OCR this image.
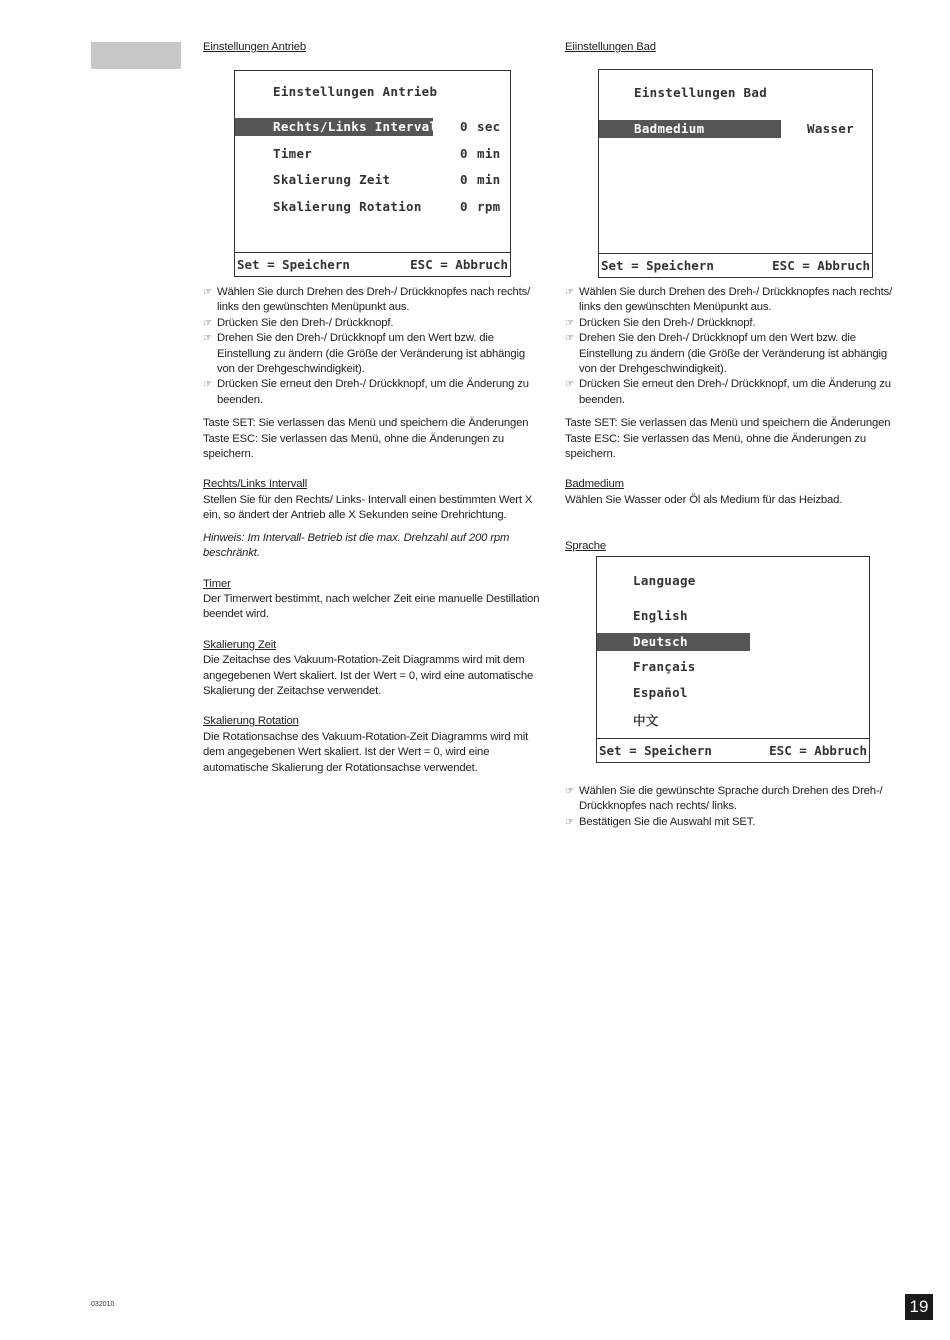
Einstellungen Antrieb

Einstellungen Antrieb
Rechts/Links Intervall 0 sec
Timer	0 min
Skalierung Zeit	0 min
Skalierung Rotation	0 rpm
Set = Speichern	ESC = Abbruch

☞ Wählen Sie durch Drehen des Dreh-/ Drückknopfes nach rechts/ links den gewünschten Menüpunkt aus.

☞ Drücken Sie den Dreh-/ Drückknopf.

☞ Drehen Sie den Dreh-/ Drückknopf um den Wert bzw. die Einstellung zu ändern (die Größe der Veränderung ist abhängig von der Drehgeschwindigkeit).

☞ Drücken Sie erneut den Dreh-/ Drückknopf, um die Änderung zu beenden.

Taste SET: Sie verlassen das Menü und speichern die Änderungen

Taste ESC: Sie verlassen das Menü, ohne die Änderungen zu speichern.

Rechts/Links Intervall

Stellen Sie für den Rechts/ Links- Intervall einen bestimmten Wert X ein, so ändert der Antrieb alle X Sekunden seine Drehrichtung.

Hinweis: Im Intervall- Betrieb ist die max. Drehzahl auf 200 rpm beschränkt.

Timer

Der Timerwert bestimmt, nach welcher Zeit eine manuelle Destillation beendet wird.

Skalierung Zeit

Die Zeitachse des Vakuum-Rotation-Zeit Diagramms wird mit dem angegebenen Wert skaliert. Ist der Wert = 0, wird eine automatische Skalierung der Zeitachse verwendet.

Skalierung Rotation

Die Rotationsachse des Vakuum-Rotation-Zeit Diagramms wird mit dem angegebenen Wert skaliert. Ist der Wert = 0, wird eine automatische Skalierung der Rotationsachse verwendet.

Eiinstellungen Bad

Einstellungen Bad
Badmedium	Wasser
Set = Speichern	ESC = Abbruch

☞ Wählen Sie durch Drehen des Dreh-/ Drückknopfes nach rechts/ links den gewünschten Menüpunkt aus.

☞ Drücken Sie den Dreh-/ Drückknopf.

☞ Drehen Sie den Dreh-/ Drückknopf um den Wert bzw. die Einstellung zu ändern (die Größe der Veränderung ist abhängig von der Drehgeschwindigkeit).

☞ Drücken Sie erneut den Dreh-/ Drückknopf, um die Änderung zu beenden.

Taste SET: Sie verlassen das Menü und speichern die Änderungen

Taste ESC: Sie verlassen das Menü, ohne die Änderungen zu speichern.

Badmedium

Wählen Sie Wasser oder Öl als Medium für das Heizbad.

Sprache

Language
English
Deutsch
Français
Español
中文
Set = Speichern	ESC = Abbruch

☞ Wählen Sie die gewünschte Sprache durch Drehen des Dreh-/ Drückknopfes nach rechts/ links.

☞ Bestätigen Sie die Auswahl mit SET.

032010	19
